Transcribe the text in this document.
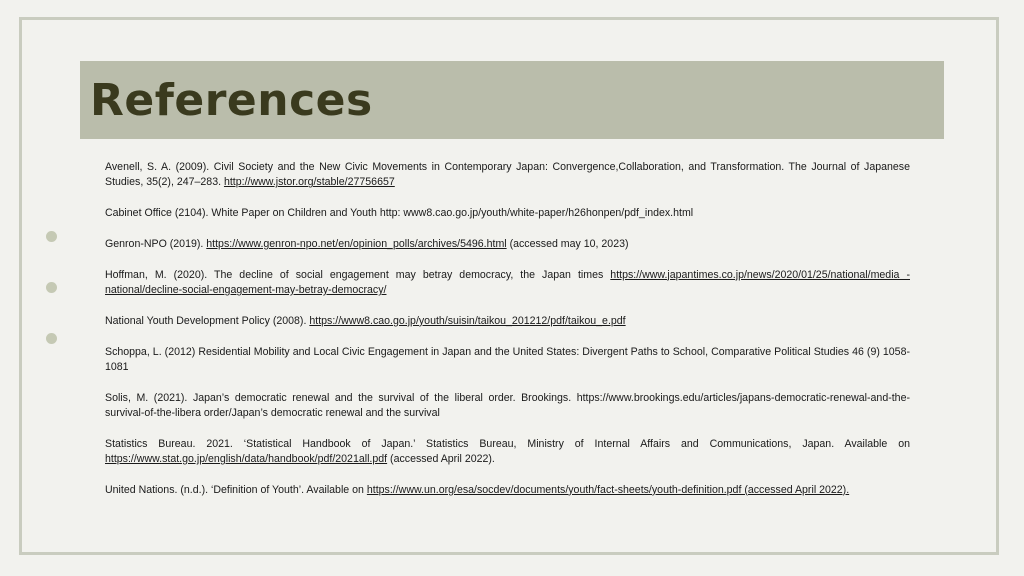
References

Avenell, S. A. (2009). Civil Society and the New Civic Movements in Contemporary Japan: Convergence,Collaboration, and Transformation. The Journal of Japanese Studies, 35(2), 247–283. http://www.jstor.org/stable/27756657

Cabinet Office (2104). White Paper on Children and Youth http: www8.cao.go.jp/youth/white-paper/h26honpen/pdf_index.html

Genron-NPO (2019). https://www.genron-npo.net/en/opinion_polls/archives/5496.html (accessed may 10, 2023)

Hoffman, M. (2020). The decline of social engagement may betray democracy, the Japan times https://www.japantimes.co.jp/news/2020/01/25/national/media -national/decline-social-engagement-may-betray-democracy/

National Youth Development Policy (2008). https://www8.cao.go.jp/youth/suisin/taikou_201212/pdf/taikou_e.pdf

Schoppa, L. (2012) Residential Mobility and Local Civic Engagement in Japan and the United States: Divergent Paths to School, Comparative Political Studies 46 (9) 1058-1081

Solis, M. (2021). Japan’s democratic renewal and the survival of the liberal order. Brookings. https://www.brookings.edu/articles/japans-democratic-renewal-and-the-survival-of-the-libera order/Japan’s democratic renewal and the survival

Statistics Bureau. 2021. ‘Statistical Handbook of Japan.’ Statistics Bureau, Ministry of Internal Affairs and Communications, Japan. Available on https://www.stat.go.jp/english/data/handbook/pdf/2021all.pdf (accessed April 2022).

United Nations. (n.d.). ‘Definition of Youth’. Available on https://www.un.org/esa/socdev/documents/youth/fact-sheets/youth-definition.pdf (accessed April 2022).
